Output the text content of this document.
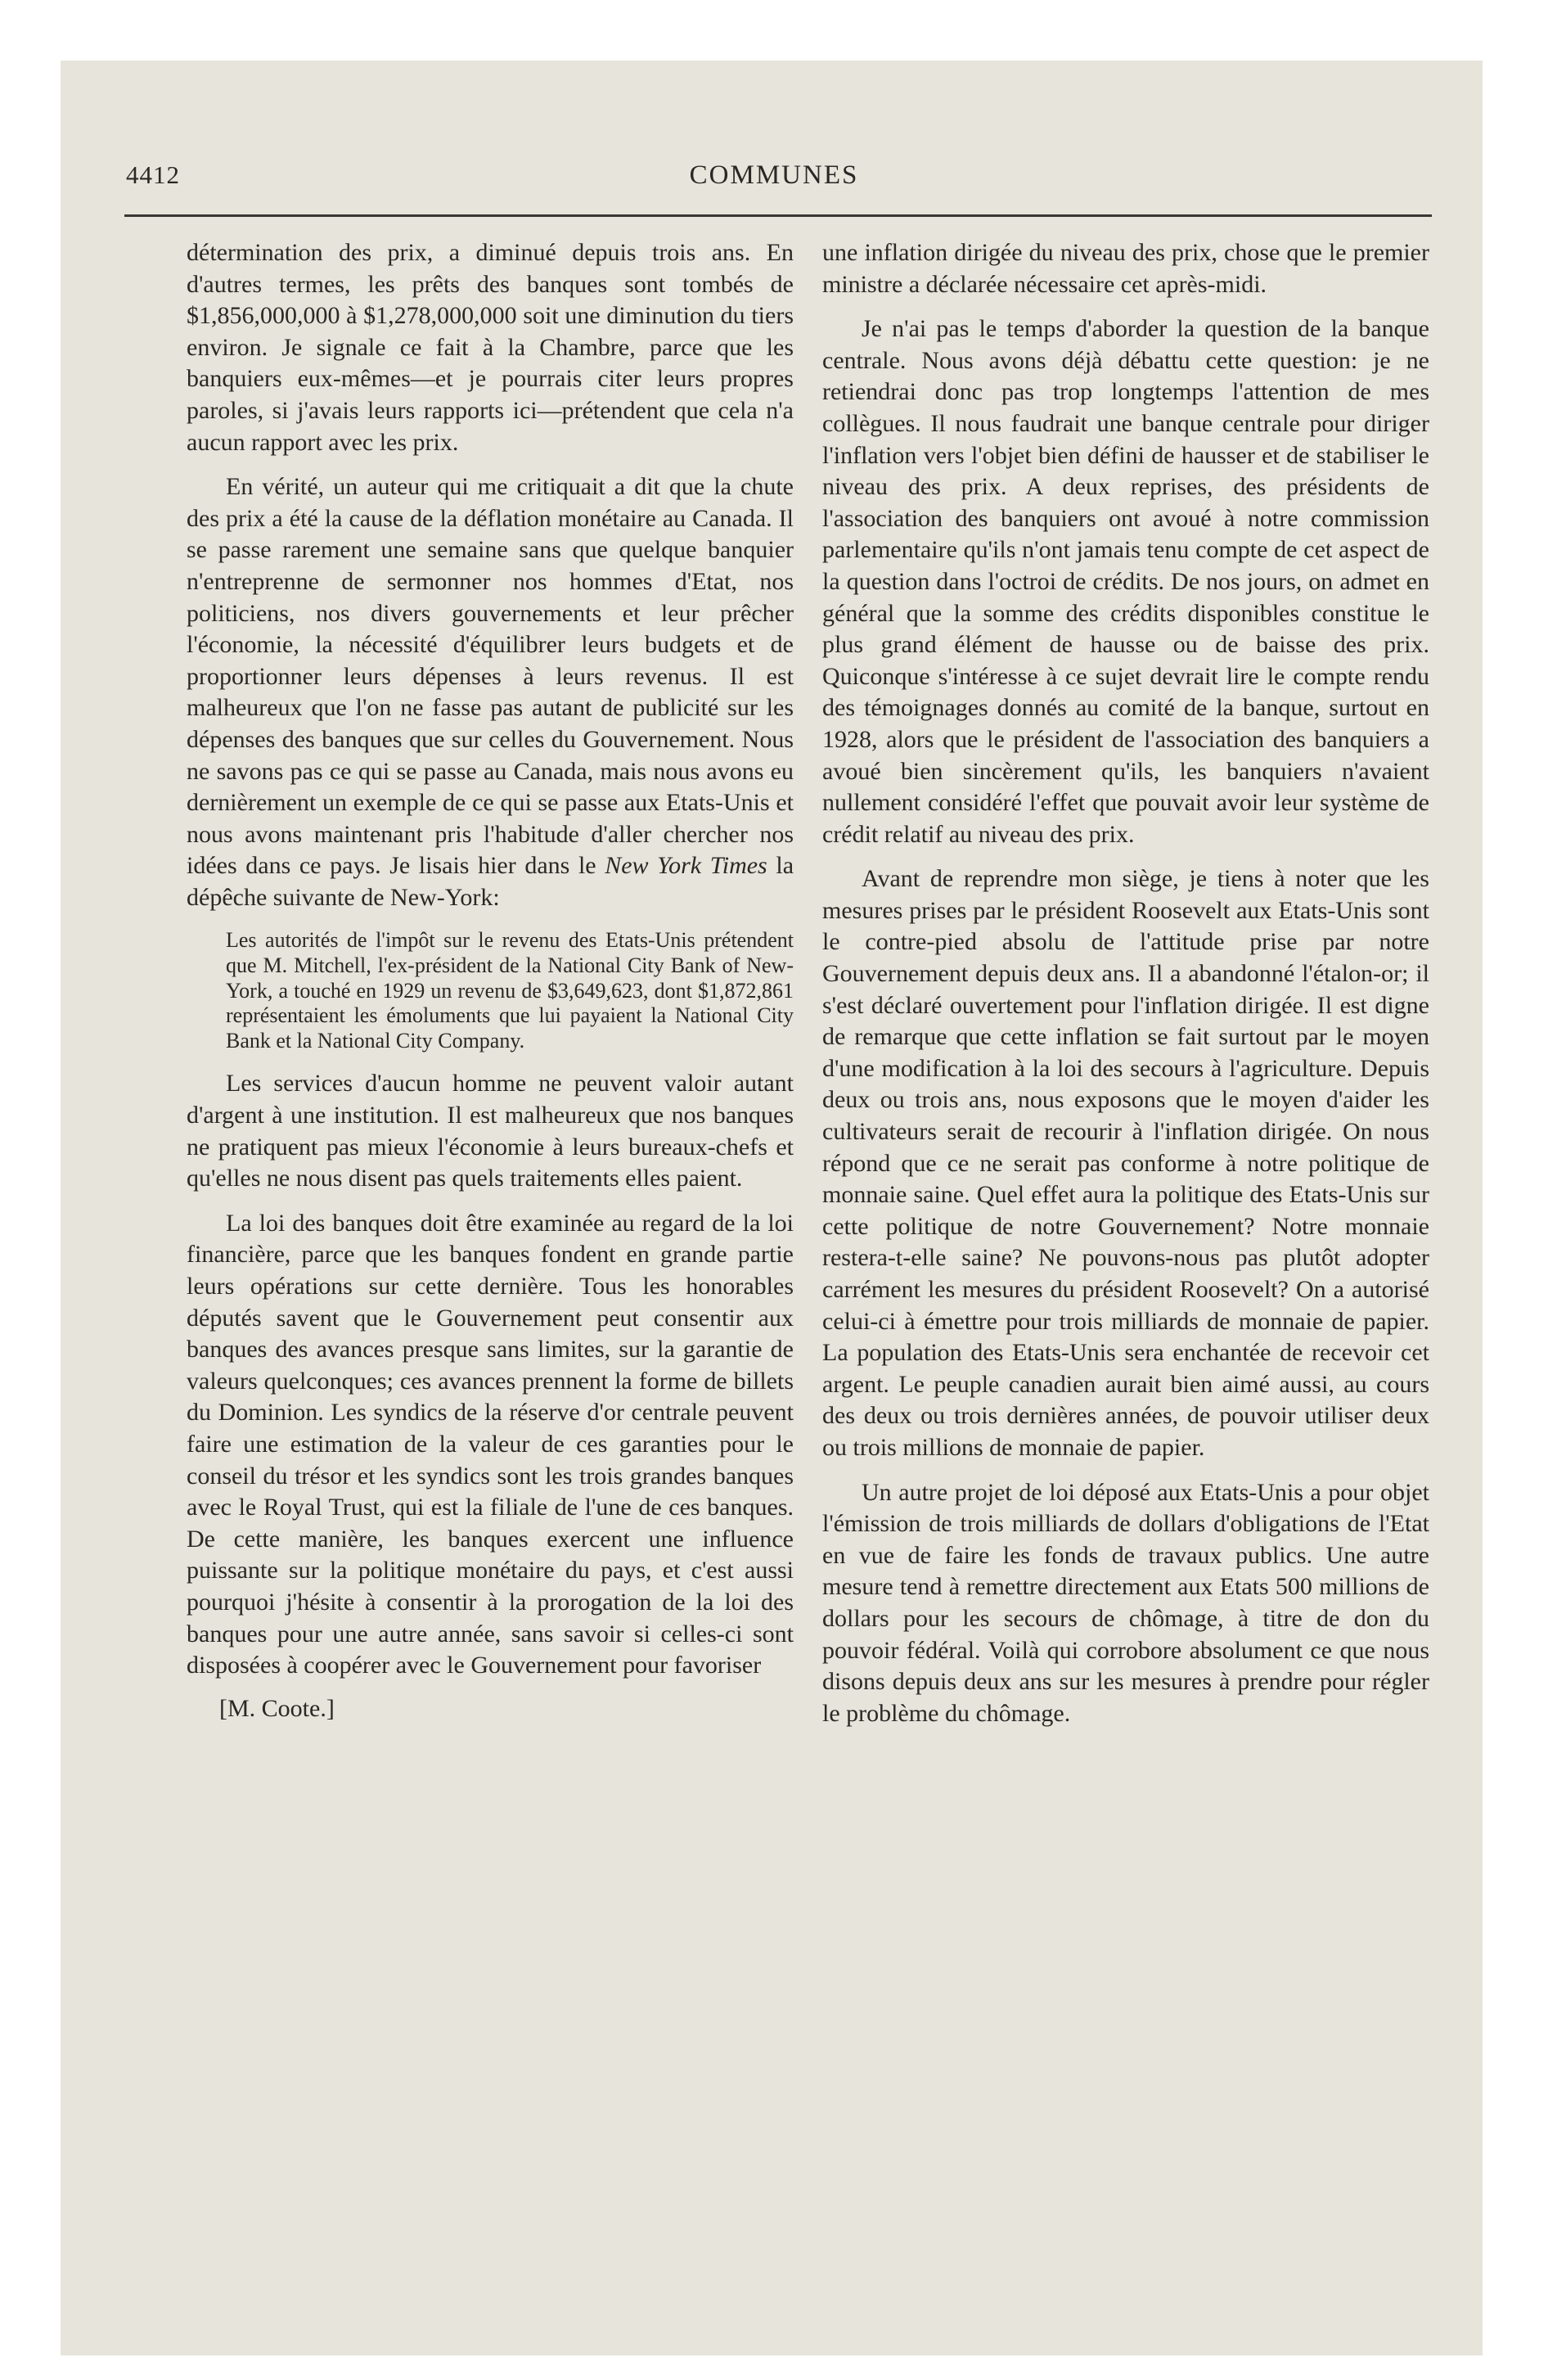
4412	COMMUNES

détermination des prix, a diminué depuis trois ans. En d'autres termes, les prêts des banques sont tombés de $1,856,000,000 à $1,278,000,000 soit une diminution du tiers environ. Je signale ce fait à la Chambre, parce que les banquiers eux-mêmes—et je pourrais citer leurs propres paroles, si j'avais leurs rapports ici—prétendent que cela n'a aucun rapport avec les prix.

En vérité, un auteur qui me critiquait a dit que la chute des prix a été la cause de la déflation monétaire au Canada. Il se passe rarement une semaine sans que quelque banquier n'entreprenne de sermonner nos hommes d'Etat, nos politiciens, nos divers gouvernements et leur prêcher l'économie, la nécessité d'équilibrer leurs budgets et de proportionner leurs dépenses à leurs revenus. Il est malheureux que l'on ne fasse pas autant de publicité sur les dépenses des banques que sur celles du Gouvernement. Nous ne savons pas ce qui se passe au Canada, mais nous avons eu dernièrement un exemple de ce qui se passe aux Etats-Unis et nous avons maintenant pris l'habitude d'aller chercher nos idées dans ce pays. Je lisais hier dans le New York Times la dépêche suivante de New-York:

Les autorités de l'impôt sur le revenu des Etats-Unis prétendent que M. Mitchell, l'ex-président de la National City Bank of New-York, a touché en 1929 un revenu de $3,649,623, dont $1,872,861 représentaient les émoluments que lui payaient la National City Bank et la National City Company.

Les services d'aucun homme ne peuvent valoir autant d'argent à une institution. Il est malheureux que nos banques ne pratiquent pas mieux l'économie à leurs bureaux-chefs et qu'elles ne nous disent pas quels traitements elles paient.

La loi des banques doit être examinée au regard de la loi financière, parce que les banques fondent en grande partie leurs opérations sur cette dernière. Tous les honorables députés savent que le Gouvernement peut consentir aux banques des avances presque sans limites, sur la garantie de valeurs quelconques; ces avances prennent la forme de billets du Dominion. Les syndics de la réserve d'or centrale peuvent faire une estimation de la valeur de ces garanties pour le conseil du trésor et les syndics sont les trois grandes banques avec le Royal Trust, qui est la filiale de l'une de ces banques. De cette manière, les banques exercent une influence puissante sur la politique monétaire du pays, et c'est aussi pourquoi j'hésite à consentir à la prorogation de la loi des banques pour une autre année, sans savoir si celles-ci sont disposées à coopérer avec le Gouvernement pour favoriser

[M. Coote.]

une inflation dirigée du niveau des prix, chose que le premier ministre a déclarée nécessaire cet après-midi.

Je n'ai pas le temps d'aborder la question de la banque centrale. Nous avons déjà débattu cette question: je ne retiendrai donc pas trop longtemps l'attention de mes collègues. Il nous faudrait une banque centrale pour diriger l'inflation vers l'objet bien défini de hausser et de stabiliser le niveau des prix. A deux reprises, des présidents de l'association des banquiers ont avoué à notre commission parlementaire qu'ils n'ont jamais tenu compte de cet aspect de la question dans l'octroi de crédits. De nos jours, on admet en général que la somme des crédits disponibles constitue le plus grand élément de hausse ou de baisse des prix. Quiconque s'intéresse à ce sujet devrait lire le compte rendu des témoignages donnés au comité de la banque, surtout en 1928, alors que le président de l'association des banquiers a avoué bien sincèrement qu'ils, les banquiers n'avaient nullement considéré l'effet que pouvait avoir leur système de crédit relatif au niveau des prix.

Avant de reprendre mon siège, je tiens à noter que les mesures prises par le président Roosevelt aux Etats-Unis sont le contre-pied absolu de l'attitude prise par notre Gouvernement depuis deux ans. Il a abandonné l'étalon-or; il s'est déclaré ouvertement pour l'inflation dirigée. Il est digne de remarque que cette inflation se fait surtout par le moyen d'une modification à la loi des secours à l'agriculture. Depuis deux ou trois ans, nous exposons que le moyen d'aider les cultivateurs serait de recourir à l'inflation dirigée. On nous répond que ce ne serait pas conforme à notre politique de monnaie saine. Quel effet aura la politique des Etats-Unis sur cette politique de notre Gouvernement? Notre monnaie restera-t-elle saine? Ne pouvons-nous pas plutôt adopter carrément les mesures du président Roosevelt? On a autorisé celui-ci à émettre pour trois milliards de monnaie de papier. La population des Etats-Unis sera enchantée de recevoir cet argent. Le peuple canadien aurait bien aimé aussi, au cours des deux ou trois dernières années, de pouvoir utiliser deux ou trois millions de monnaie de papier.

Un autre projet de loi déposé aux Etats-Unis a pour objet l'émission de trois milliards de dollars d'obligations de l'Etat en vue de faire les fonds de travaux publics. Une autre mesure tend à remettre directement aux Etats 500 millions de dollars pour les secours de chômage, à titre de don du pouvoir fédéral. Voilà qui corrobore absolument ce que nous disons depuis deux ans sur les mesures à prendre pour régler le problème du chômage.
